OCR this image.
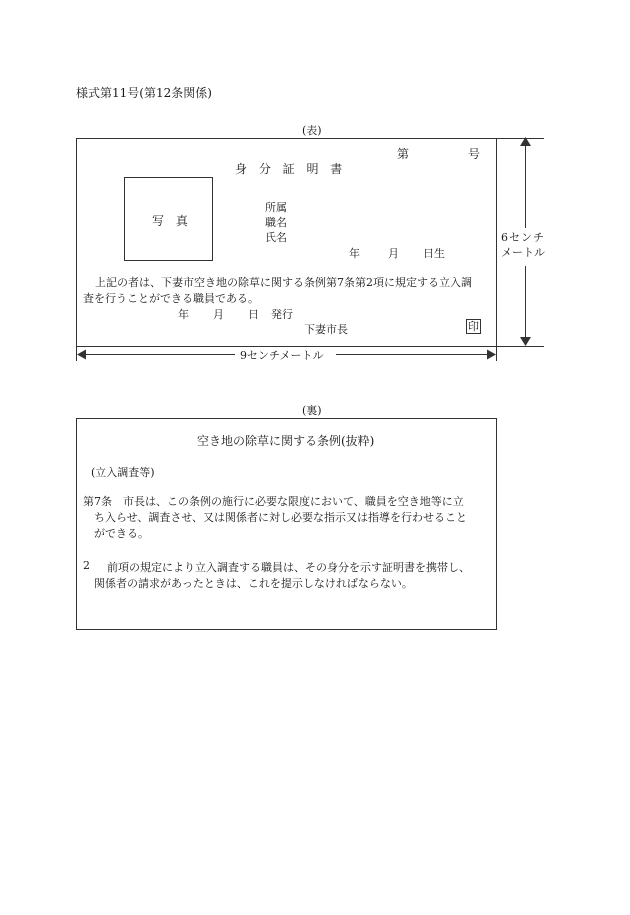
様式第11号(第12条関係)
(表)
第	号
身 分 証 明 書
写 真
所属
職名
氏名
年	月 日生
上記の者は、下妻市空き地の除草に関する条例第7条第2項に規定する立入調
査を行うことができる職員である。
年 月 日 発行
下妻市長	印
6センチ
メートル
9センチメートル
(裏)
空き地の除草に関する条例(抜粋)
(立入調査等)
第7条 市長は、この条例の施行に必要な限度において、職員を空き地等に立
ち入らせ、調査させ、又は関係者に対し必要な指示又は指導を行わせること
ができる。
2 前項の規定により立入調査する職員は、その身分を示す証明書を携帯し、
関係者の請求があったときは、これを提示しなければならない。
